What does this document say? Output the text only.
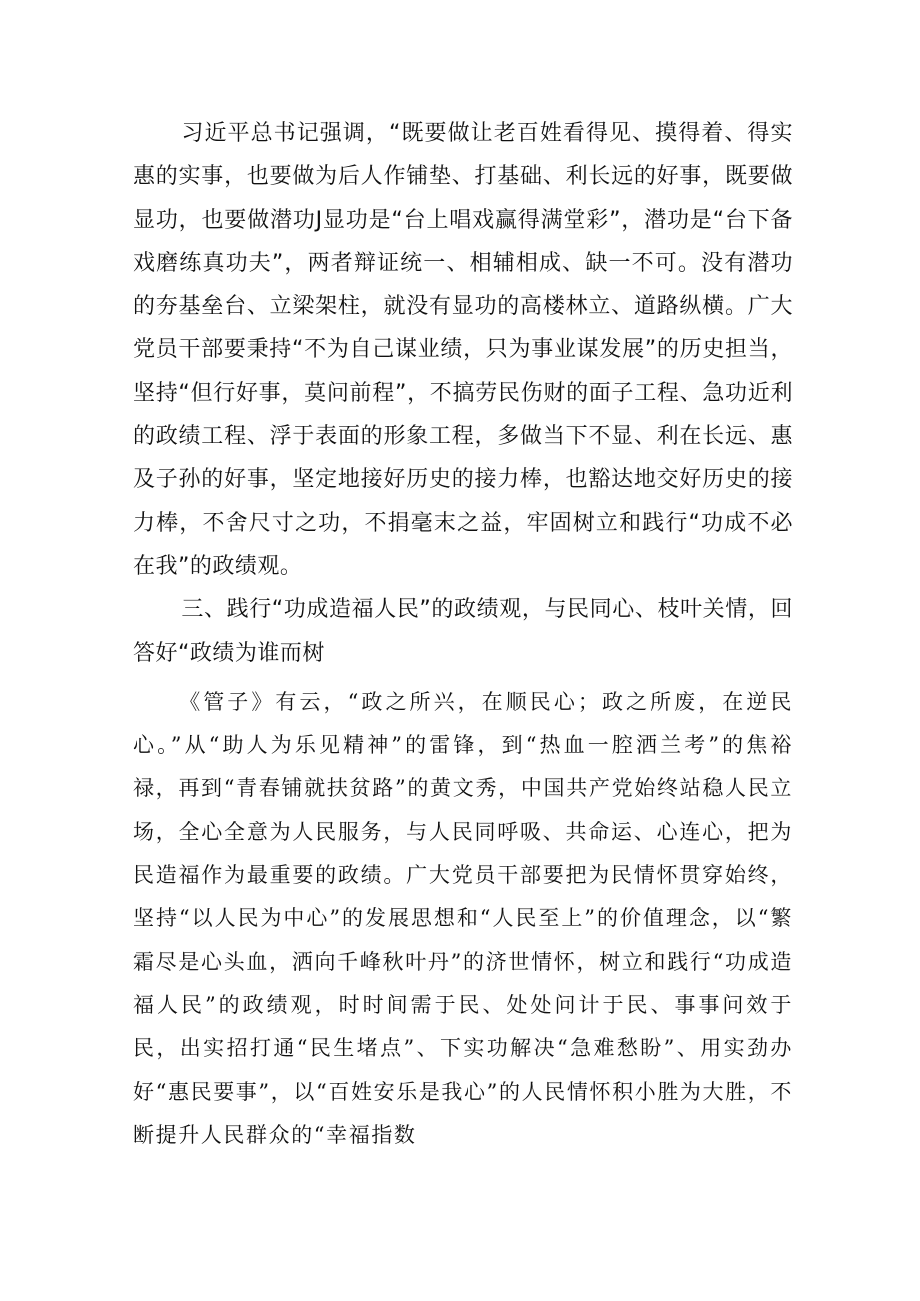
习近平总书记强调，“既要做让老百姓看得见、摸得着、得实惠的实事，也要做为后人作铺垫、打基础、利长远的好事，既要做显功，也要做潜功J显功是“台上唱戏赢得满堂彩”，潜功是“台下备戏磨练真功夫”，两者辩证统一、相辅相成、缺一不可。没有潜功的夯基垒台、立梁架柱，就没有显功的高楼林立、道路纵横。广大党员干部要秉持“不为自己谋业绩，只为事业谋发展”的历史担当，坚持“但行好事，莫问前程”，不搞劳民伤财的面子工程、急功近利的政绩工程、浮于表面的形象工程，多做当下不显、利在长远、惠及子孙的好事，坚定地接好历史的接力棒，也豁达地交好历史的接力棒，不舍尺寸之功，不捐毫末之益，牢固树立和践行“功成不必在我”的政绩观。

三、践行“功成造福人民”的政绩观，与民同心、枝叶关情，回答好“政绩为谁而树

《管子》有云，“政之所兴，在顺民心；政之所废，在逆民心。”从“助人为乐见精神”的雷锋，到“热血一腔洒兰考”的焦裕禄，再到“青春铺就扶贫路”的黄文秀，中国共产党始终站稳人民立场，全心全意为人民服务，与人民同呼吸、共命运、心连心，把为民造福作为最重要的政绩。广大党员干部要把为民情怀贯穿始终，坚持“以人民为中心”的发展思想和“人民至上”的价值理念，以“繁霜尽是心头血，洒向千峰秋叶丹”的济世情怀，树立和践行“功成造福人民”的政绩观，时时间需于民、处处问计于民、事事问效于民，出实招打通“民生堵点”、下实功解决“急难愁盼”、用实劲办好“惠民要事”，以“百姓安乐是我心”的人民情怀积小胜为大胜，不断提升人民群众的“幸福指数
